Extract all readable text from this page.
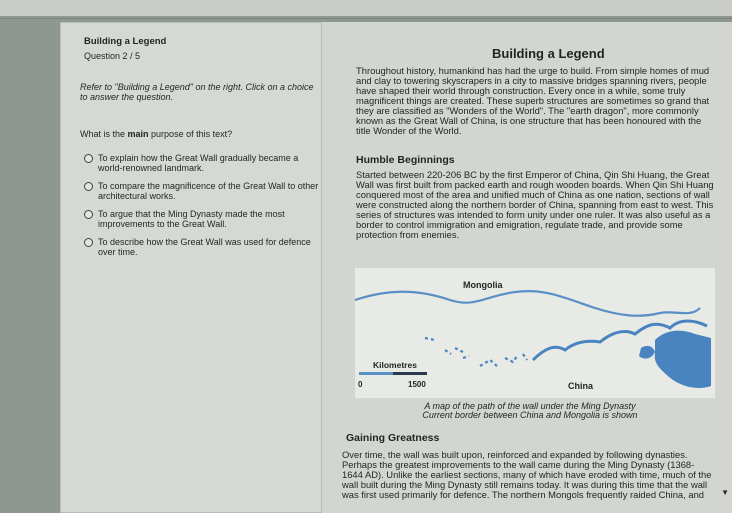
Building a Legend
Question 2 / 5
Refer to "Building a Legend" on the right. Click on a choice to answer the question.
What is the main purpose of this text?
To explain how the Great Wall gradually became a world-renowned landmark.
To compare the magnificence of the Great Wall to other architectural works.
To argue that the Ming Dynasty made the most improvements to the Great Wall.
To describe how the Great Wall was used for defence over time.
Building a Legend
Throughout history, humankind has had the urge to build. From simple homes of mud and clay to towering skyscrapers in a city to massive bridges spanning rivers, people have shaped their world through construction. Every once in a while, some truly magnificent things are created. These superb structures are sometimes so grand that they are classified as "Wonders of the World". The "earth dragon", more commonly known as the Great Wall of China, is one structure that has been honoured with the title Wonder of the World.
Humble Beginnings
Started between 220-206 BC by the first Emperor of China, Qin Shi Huang, the Great Wall was first built from packed earth and rough wooden boards. When Qin Shi Huang conquered most of the area and unified much of China as one nation, sections of wall were constructed along the northern border of China, spanning from east to west. This series of structures was intended to form unity under one ruler. It was also useful as a border to control immigration and emigration, regulate trade, and provide some protection from enemies.
Mongolia
China
Kilometres
0	1500
A map of the path of the wall under the Ming Dynasty
Current border between China and Mongolia is shown
Gaining Greatness
Over time, the wall was built upon, reinforced and expanded by following dynasties. Perhaps the greatest improvements to the wall came during the Ming Dynasty (1368-1644 AD). Unlike the earliest sections, many of which have eroded with time, much of the wall built during the Ming Dynasty still remains today. It was during this time that the wall was first used primarily for defence. The northern Mongols frequently raided China, and	▼
